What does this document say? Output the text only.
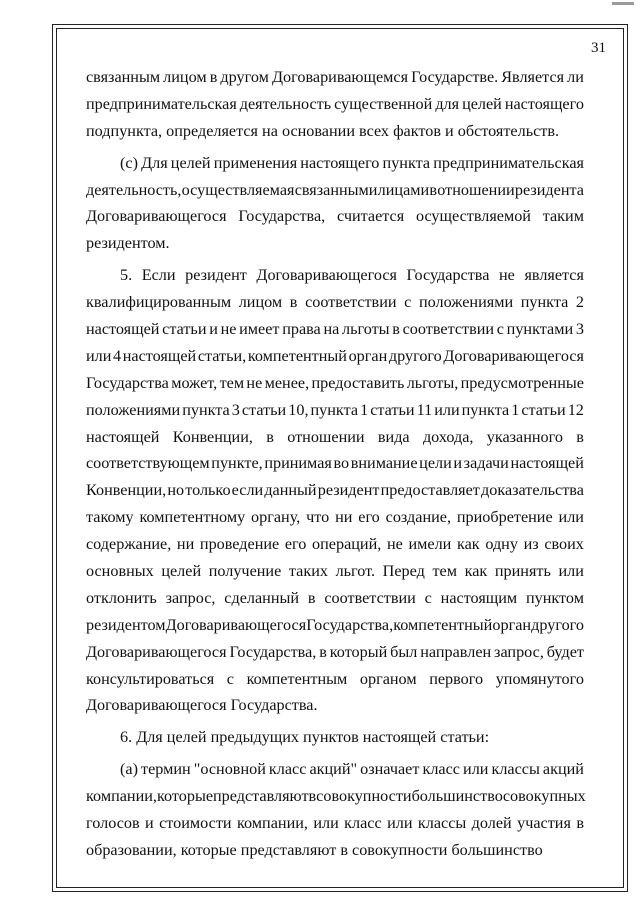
31
связанным лицом в другом Договаривающемся Государстве. Является ли
предпринимательская деятельность существенной для целей настоящего
подпункта, определяется на основании всех фактов и обстоятельств.
(c) Для целей применения настоящего пункта предпринимательская
деятельность, осуществляемая связанными лицами в отношении резидента
Договаривающегося Государства, считается осуществляемой таким
резидентом.
5. Если резидент Договаривающегося Государства не является
квалифицированным лицом в соответствии с положениями пункта 2
настоящей статьи и не имеет права на льготы в соответствии с пунктами 3
или 4 настоящей статьи, компетентный орган другого Договаривающегося
Государства может, тем не менее, предоставить льготы, предусмотренные
положениями пункта 3 статьи 10, пункта 1 статьи 11 или пункта 1 статьи 12
настоящей Конвенции, в отношении вида дохода, указанного в
соответствующем пункте, принимая во внимание цели и задачи настоящей
Конвенции, но только если данный резидент предоставляет доказательства
такому компетентному органу, что ни его создание, приобретение или
содержание, ни проведение его операций, не имели как одну из своих
основных целей получение таких льгот. Перед тем как принять или
отклонить запрос, сделанный в соответствии с настоящим пунктом
резидентом Договаривающегося Государства, компетентный орган другого
Договаривающегося Государства, в который был направлен запрос, будет
консультироваться с компетентным органом первого упомянутого
Договаривающегося Государства.
6. Для целей предыдущих пунктов настоящей статьи:
(a) термин "основной класс акций" означает класс или классы акций
компании, которые представляют в совокупности большинство совокупных
голосов и стоимости компании, или класс или классы долей участия в
образовании, которые представляют в совокупности большинство
